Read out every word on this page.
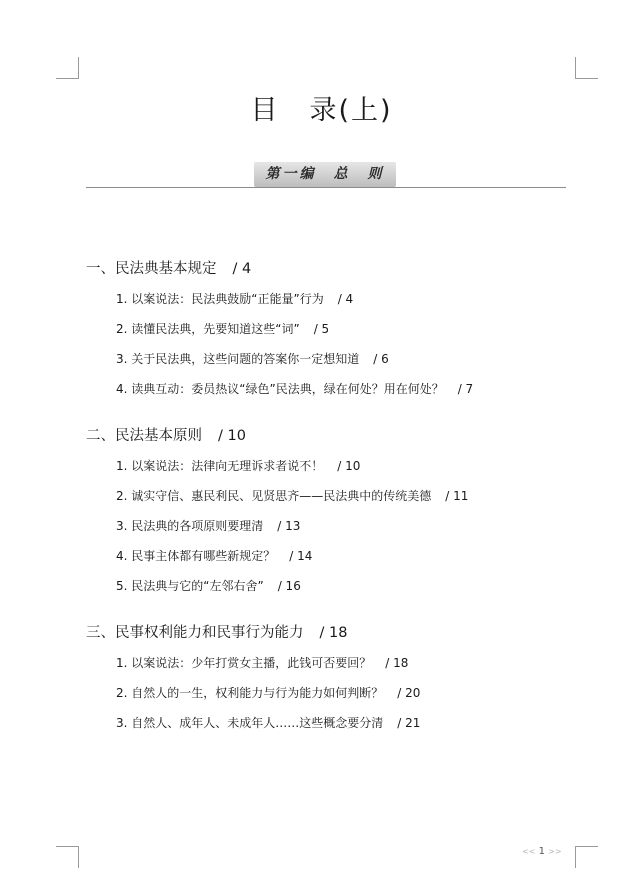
目 录(上)
第一编　总　则
一、民法典基本规定 / 4
1. 以案说法：民法典鼓励“正能量”行为 / 4
2. 读懂民法典，先要知道这些“词” / 5
3. 关于民法典，这些问题的答案你一定想知道 / 6
4. 读典互动：委员热议“绿色”民法典，绿在何处？用在何处？ / 7
二、民法基本原则 / 10
1. 以案说法：法律向无理诉求者说不！ / 10
2. 诚实守信、惠民利民、见贤思齐——民法典中的传统美德 / 11
3. 民法典的各项原则要理清 / 13
4. 民事主体都有哪些新规定？ / 14
5. 民法典与它的“左邻右舍” / 16
三、民事权利能力和民事行为能力 / 18
1. 以案说法：少年打赏女主播，此钱可否要回？ / 18
2. 自然人的一生，权利能力与行为能力如何判断？ / 20
3. 自然人、成年人、未成年人……这些概念要分清 / 21
<< 1 >>
